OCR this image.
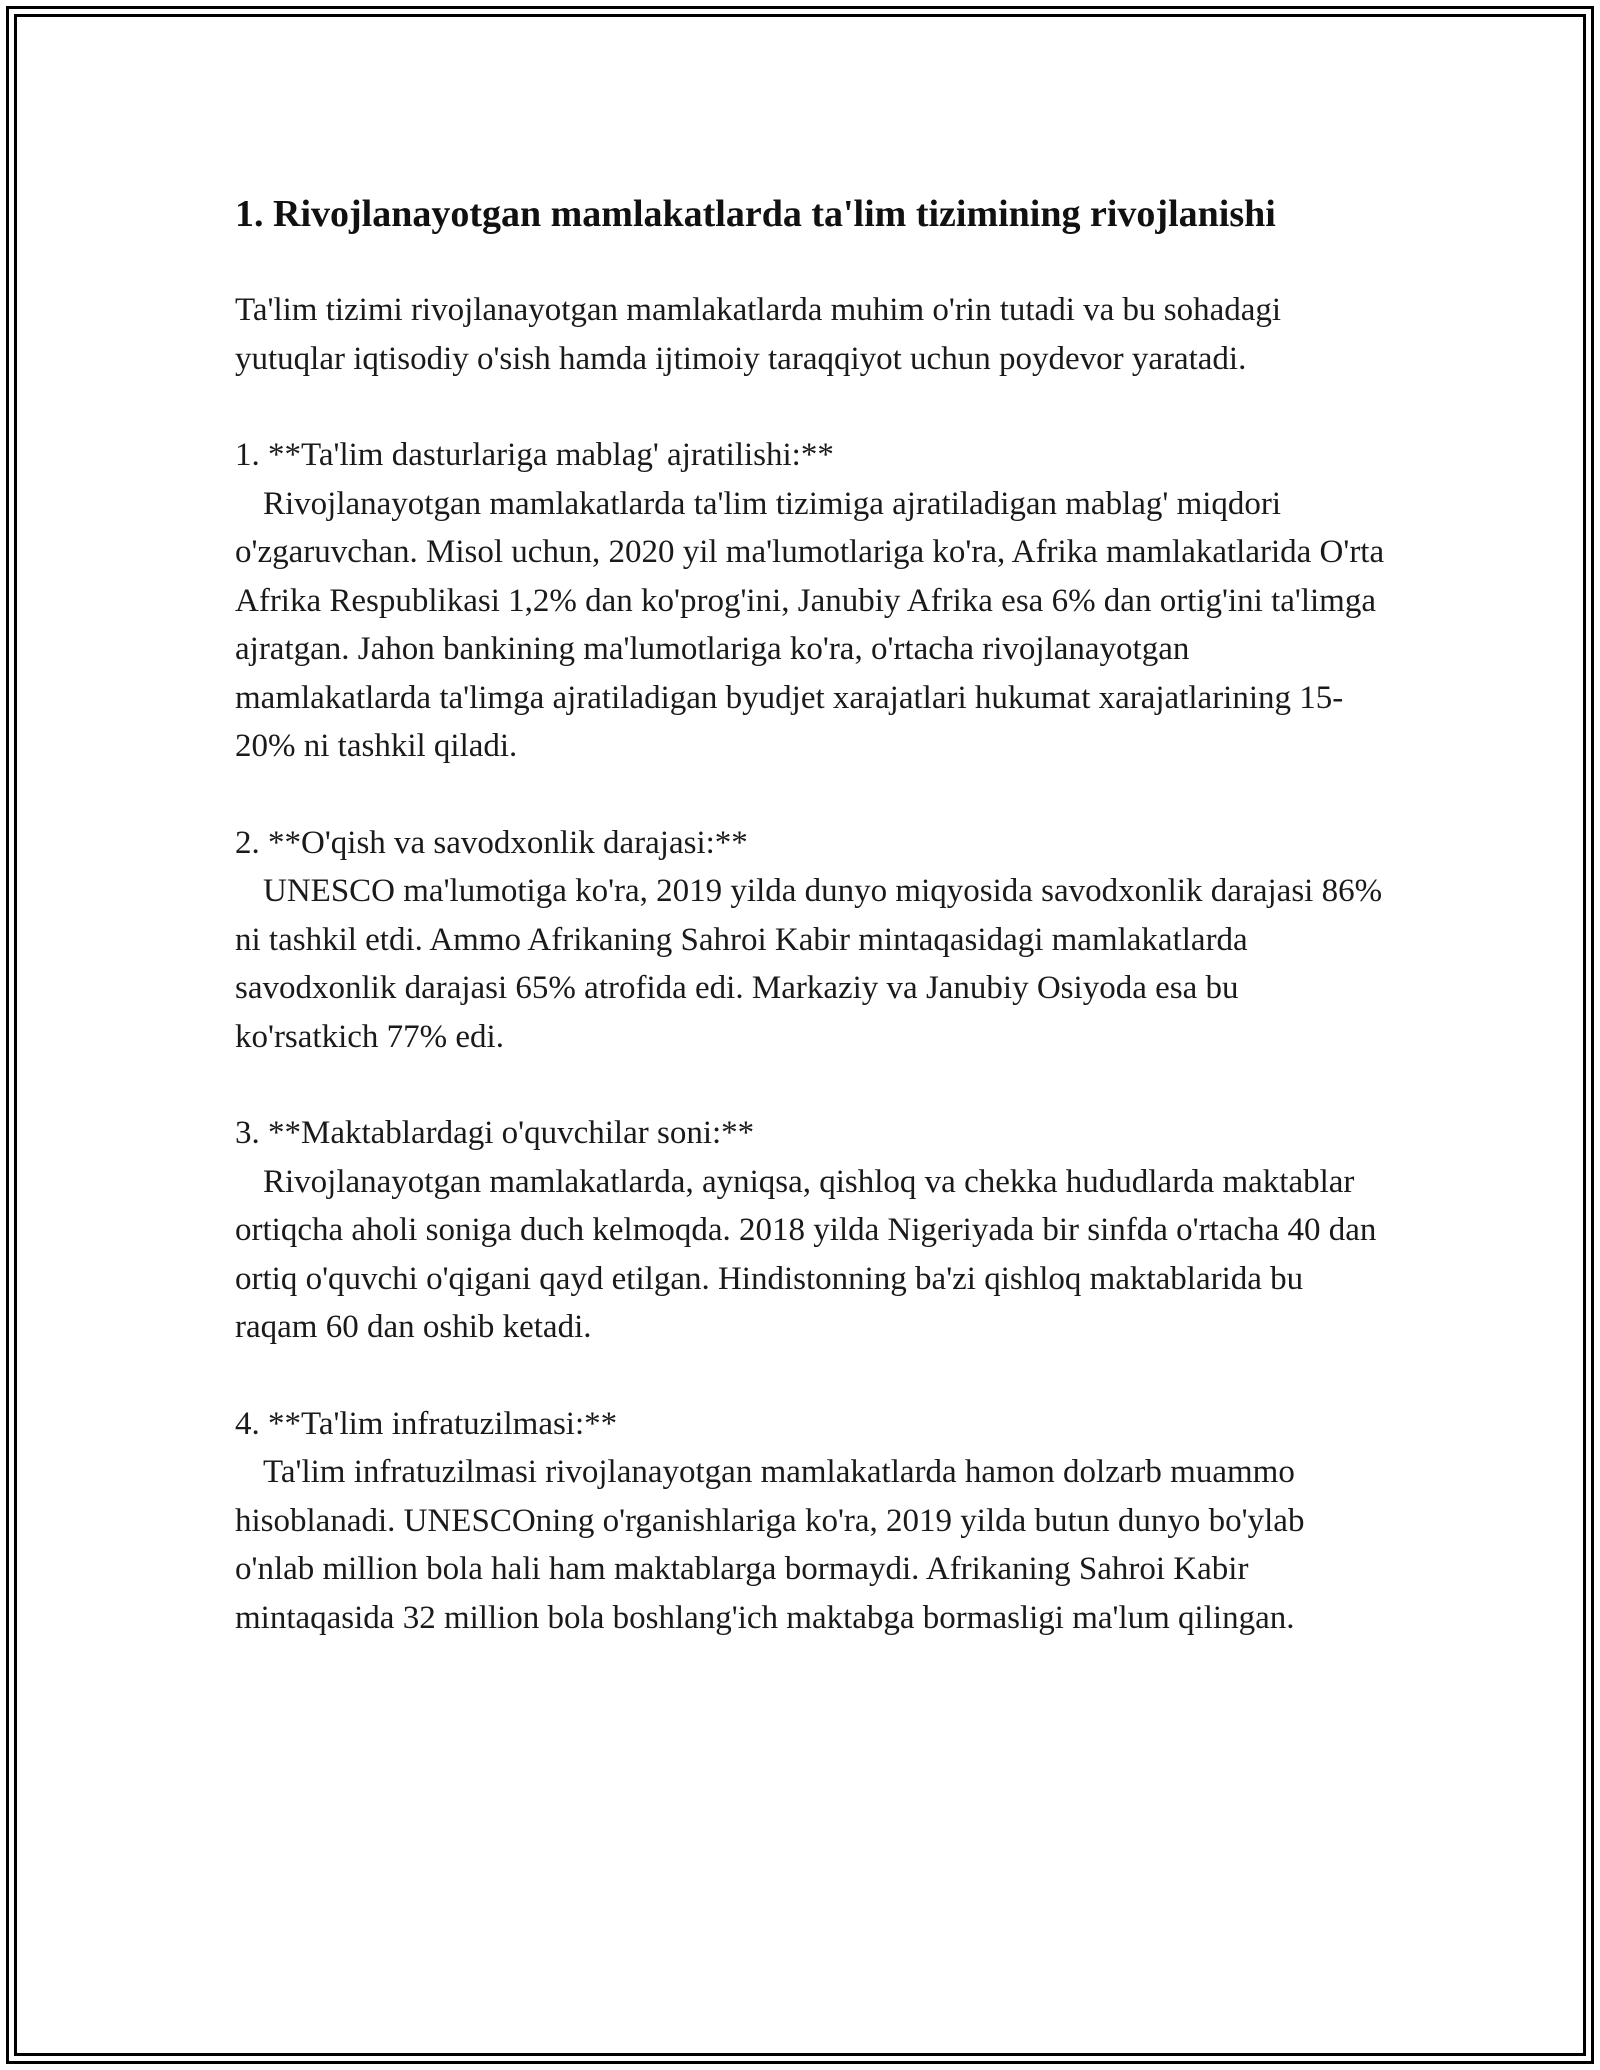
1. Rivojlanayotgan mamlakatlarda ta'lim tizimining rivojlanishi

Ta'lim tizimi rivojlanayotgan mamlakatlarda muhim o'rin tutadi va bu sohadagi yutuqlar iqtisodiy o'sish hamda ijtimoiy taraqqiyot uchun poydevor yaratadi.

1. **Ta'lim dasturlariga mablag' ajratilishi:**

Rivojlanayotgan mamlakatlarda ta'lim tizimiga ajratiladigan mablag' miqdori o'zgaruvchan. Misol uchun, 2020 yil ma'lumotlariga ko'ra, Afrika mamlakatlarida O'rta Afrika Respublikasi 1,2% dan ko'prog'ini, Janubiy Afrika esa 6% dan ortig'ini ta'limga ajratgan. Jahon bankining ma'lumotlariga ko'ra, o'rtacha rivojlanayotgan mamlakatlarda ta'limga ajratiladigan byudjet xarajatlari hukumat xarajatlarining 15-20% ni tashkil qiladi.

2. **O'qish va savodxonlik darajasi:**

UNESCO ma'lumotiga ko'ra, 2019 yilda dunyo miqyosida savodxonlik darajasi 86% ni tashkil etdi. Ammo Afrikaning Sahroi Kabir mintaqasidagi mamlakatlarda savodxonlik darajasi 65% atrofida edi. Markaziy va Janubiy Osiyoda esa bu ko'rsatkich 77% edi.

3. **Maktablardagi o'quvchilar soni:**

Rivojlanayotgan mamlakatlarda, ayniqsa, qishloq va chekka hududlarda maktablar ortiqcha aholi soniga duch kelmoqda. 2018 yilda Nigeriyada bir sinfda o'rtacha 40 dan ortiq o'quvchi o'qigani qayd etilgan. Hindistonning ba'zi qishloq maktablarida bu raqam 60 dan oshib ketadi.

4. **Ta'lim infratuzilmasi:**

Ta'lim infratuzilmasi rivojlanayotgan mamlakatlarda hamon dolzarb muammo hisoblanadi. UNESCOning o'rganishlariga ko'ra, 2019 yilda butun dunyo bo'ylab o'nlab million bola hali ham maktablarga bormaydi. Afrikaning Sahroi Kabir mintaqasida 32 million bola boshlang'ich maktabga bormasligi ma'lum qilingan.
